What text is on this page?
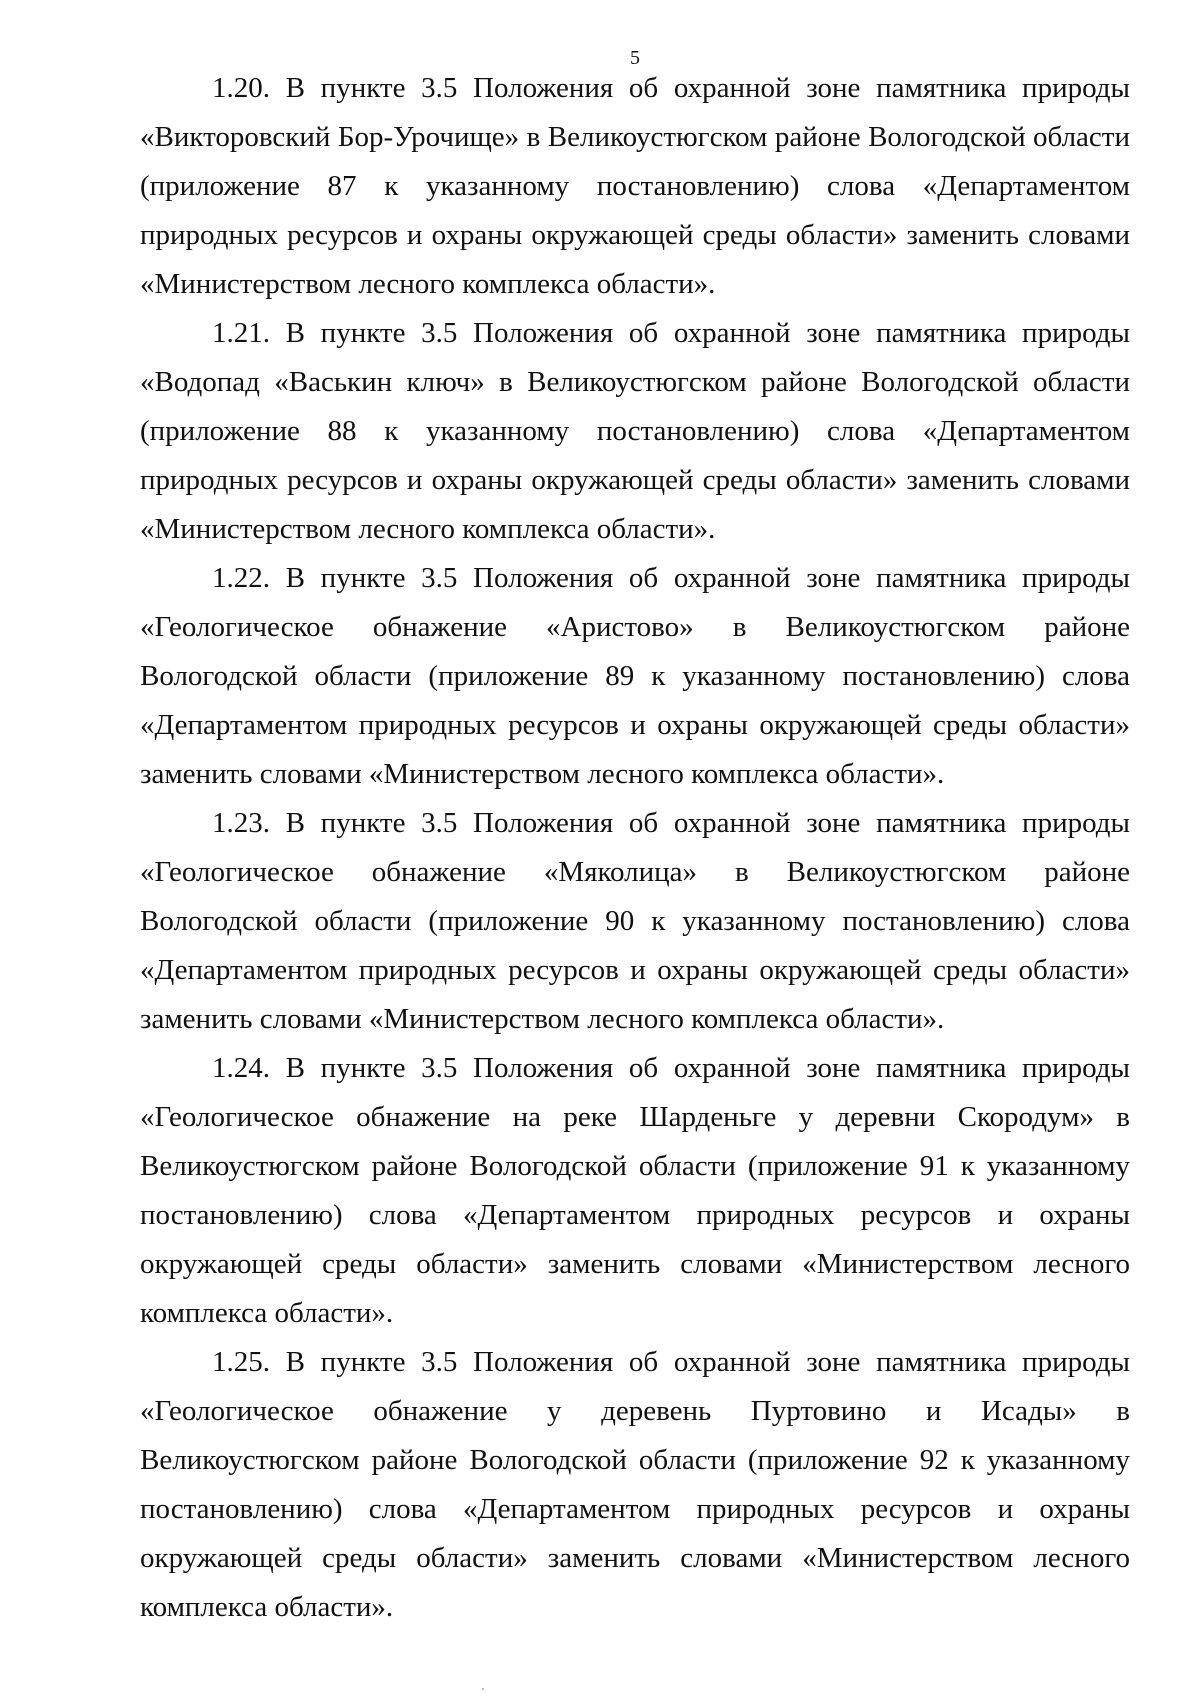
5

1.20. В пункте 3.5 Положения об охранной зоне памятника природы «Викторовский Бор-Урочище» в Великоустюгском районе Вологодской области (приложение 87 к указанному постановлению) слова «Департаментом природных ресурсов и охраны окружающей среды области» заменить словами «Министерством лесного комплекса области».

1.21. В пункте 3.5 Положения об охранной зоне памятника природы «Водопад «Васькин ключ» в Великоустюгском районе Вологодской области (приложение 88 к указанному постановлению) слова «Департаментом природных ресурсов и охраны окружающей среды области» заменить словами «Министерством лесного комплекса области».

1.22. В пункте 3.5 Положения об охранной зоне памятника природы «Геологическое обнажение «Аристово» в Великоустюгском районе Вологодской области (приложение 89 к указанному постановлению) слова «Департаментом природных ресурсов и охраны окружающей среды области» заменить словами «Министерством лесного комплекса области».

1.23. В пункте 3.5 Положения об охранной зоне памятника природы «Геологическое обнажение «Мяколица» в Великоустюгском районе Вологодской области (приложение 90 к указанному постановлению) слова «Департаментом природных ресурсов и охраны окружающей среды области» заменить словами «Министерством лесного комплекса области».

1.24. В пункте 3.5 Положения об охранной зоне памятника природы «Геологическое обнажение на реке Шарденьге у деревни Скородум» в Великоустюгском районе Вологодской области (приложение 91 к указанному постановлению) слова «Департаментом природных ресурсов и охраны окружающей среды области» заменить словами «Министерством лесного комплекса области».

1.25. В пункте 3.5 Положения об охранной зоне памятника природы «Геологическое обнажение у деревень Пуртовино и Исады» в Великоустюгском районе Вологодской области (приложение 92 к указанному постановлению) слова «Департаментом природных ресурсов и охраны окружающей среды области» заменить словами «Министерством лесного комплекса области».
